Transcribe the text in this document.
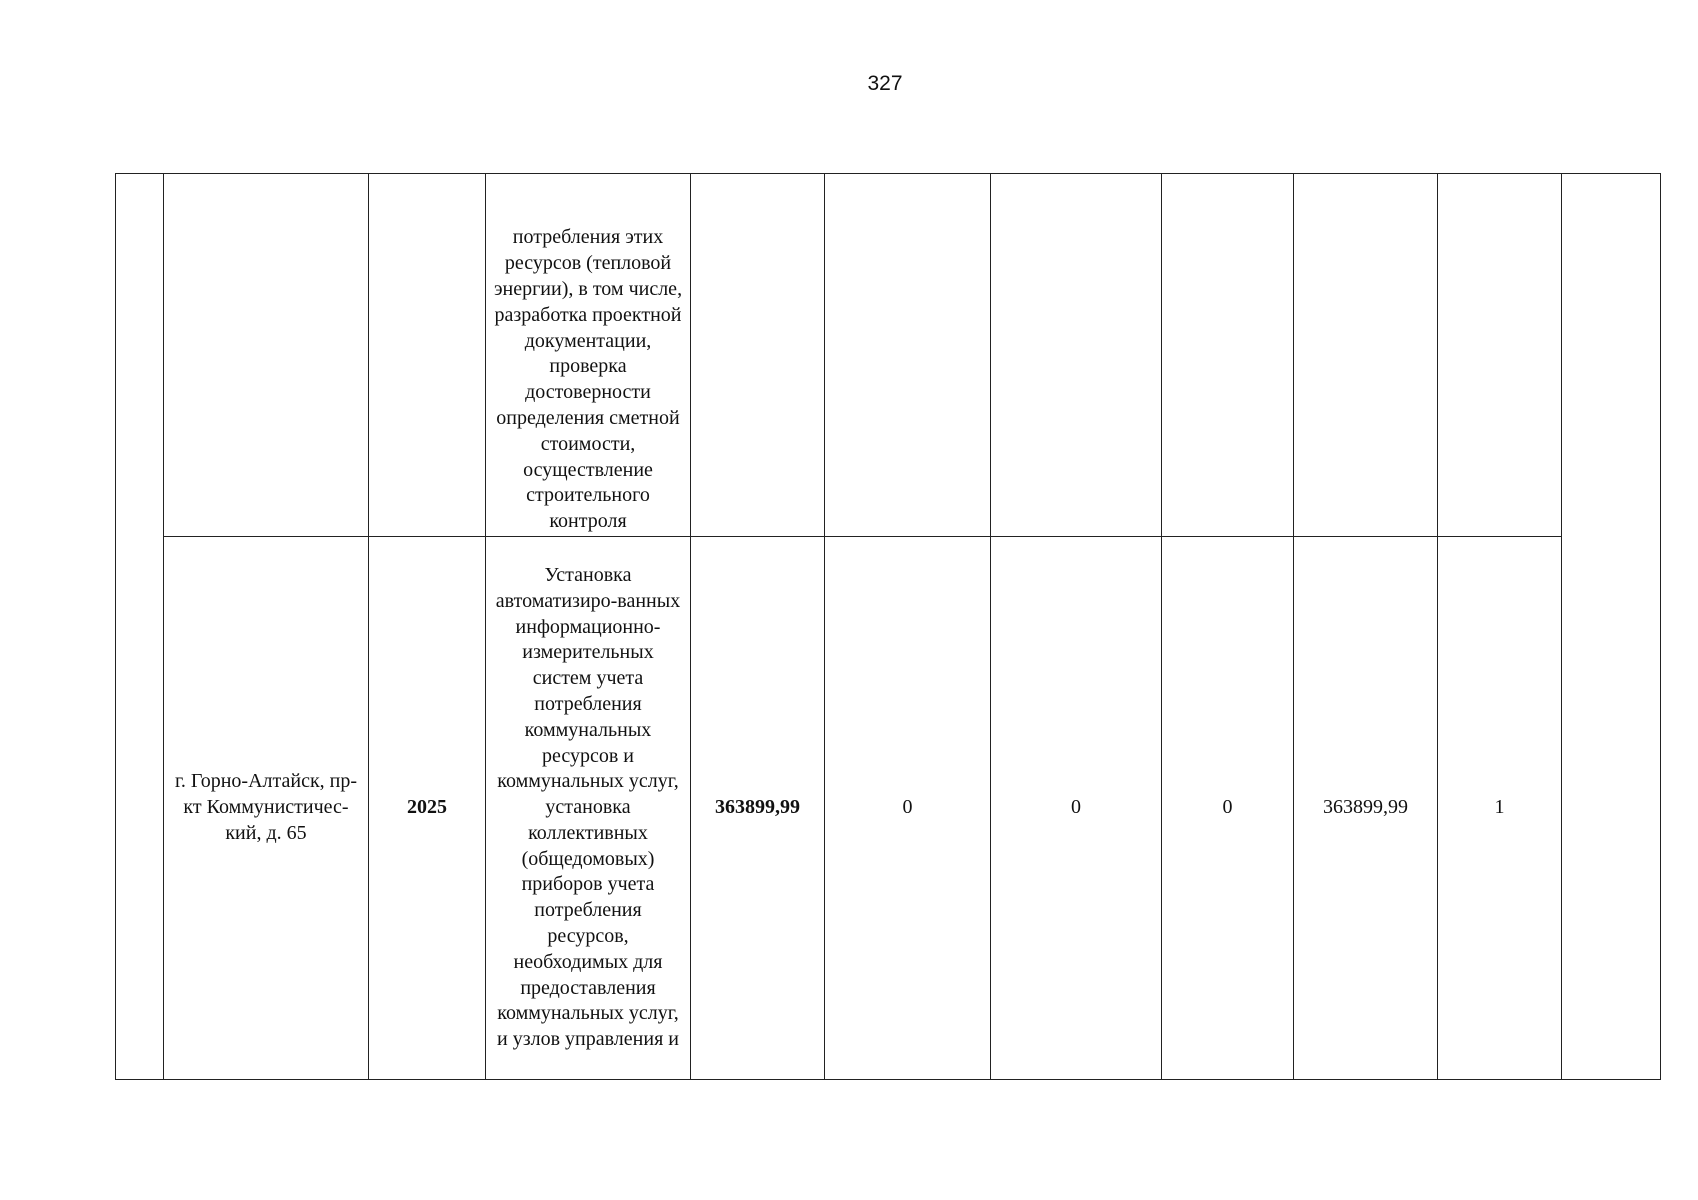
327
			потребления этих ресурсов (тепловой энергии), в том числе, разработка проектной документации, проверка достоверности определения сметной стоимости, осуществление строительного контроля							
	г. Горно-Алтайск, пр-кт Коммунистичес-кий, д. 65	2025	Установка автоматизиро-ванных информационно-измерительных систем учета потребления коммунальных ресурсов и коммунальных услуг, установка коллективных (общедомовых) приборов учета потребления ресурсов, необходимых для предоставления коммунальных услуг, и узлов управления и	363899,99	0	0	0	363899,99	1	
